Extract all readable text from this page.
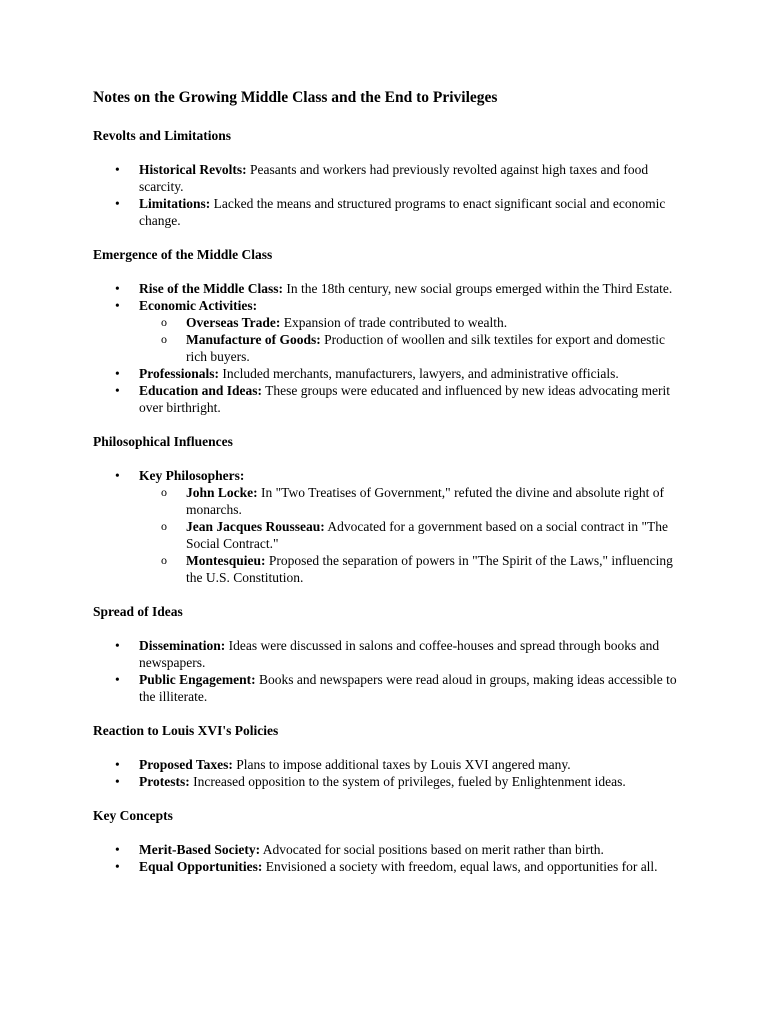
Notes on the Growing Middle Class and the End to Privileges
Revolts and Limitations
• Historical Revolts: Peasants and workers had previously revolted against high taxes and food scarcity.
• Limitations: Lacked the means and structured programs to enact significant social and economic change.
Emergence of the Middle Class
• Rise of the Middle Class: In the 18th century, new social groups emerged within the Third Estate.
• Economic Activities:
o Overseas Trade: Expansion of trade contributed to wealth.
o Manufacture of Goods: Production of woollen and silk textiles for export and domestic rich buyers.
• Professionals: Included merchants, manufacturers, lawyers, and administrative officials.
• Education and Ideas: These groups were educated and influenced by new ideas advocating merit over birthright.
Philosophical Influences
• Key Philosophers:
o John Locke: In "Two Treatises of Government," refuted the divine and absolute right of monarchs.
o Jean Jacques Rousseau: Advocated for a government based on a social contract in "The Social Contract."
o Montesquieu: Proposed the separation of powers in "The Spirit of the Laws," influencing the U.S. Constitution.
Spread of Ideas
• Dissemination: Ideas were discussed in salons and coffee-houses and spread through books and newspapers.
• Public Engagement: Books and newspapers were read aloud in groups, making ideas accessible to the illiterate.
Reaction to Louis XVI's Policies
• Proposed Taxes: Plans to impose additional taxes by Louis XVI angered many.
• Protests: Increased opposition to the system of privileges, fueled by Enlightenment ideas.
Key Concepts
• Merit-Based Society: Advocated for social positions based on merit rather than birth.
• Equal Opportunities: Envisioned a society with freedom, equal laws, and opportunities for all.
